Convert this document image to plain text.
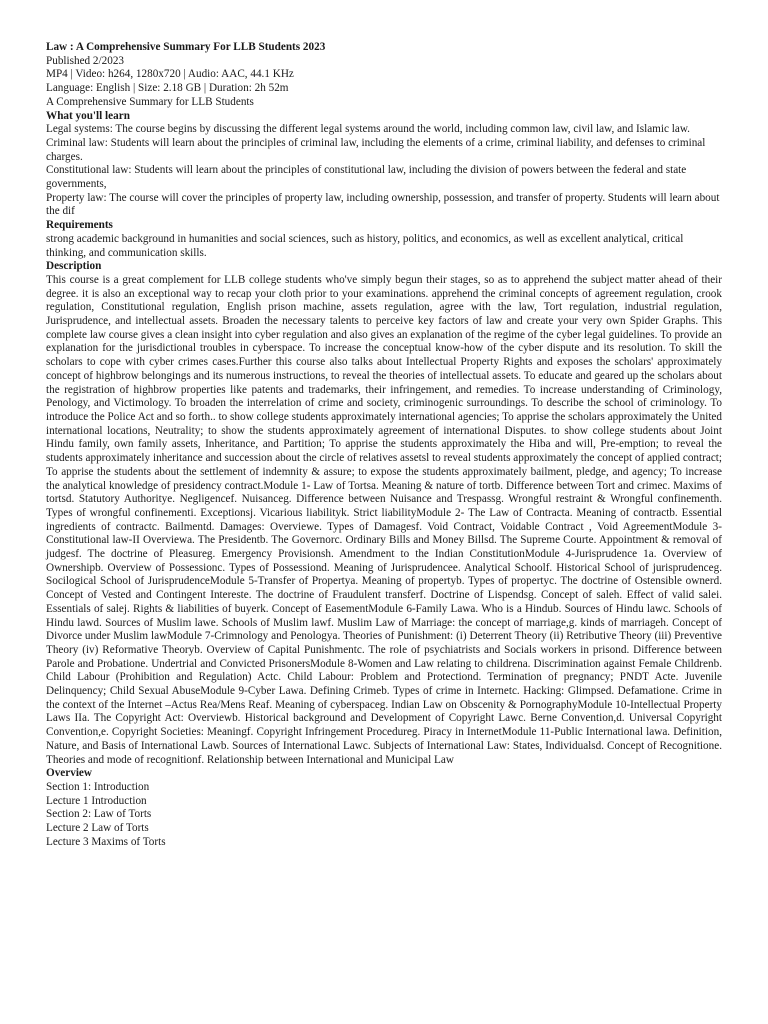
Law : A Comprehensive Summary For LLB Students 2023

Published 2/2023

MP4 | Video: h264, 1280x720 | Audio: AAC, 44.1 KHz

Language: English | Size: 2.18 GB | Duration: 2h 52m

A Comprehensive Summary for LLB Students

What you'll learn

Legal systems: The course begins by discussing the different legal systems around the world, including common law, civil law, and Islamic law.

Criminal law: Students will learn about the principles of criminal law, including the elements of a crime, criminal liability, and defenses to criminal charges.

Constitutional law: Students will learn about the principles of constitutional law, including the division of powers between the federal and state governments,

Property law: The course will cover the principles of property law, including ownership, possession, and transfer of property. Students will learn about the dif

Requirements

strong academic background in humanities and social sciences, such as history, politics, and economics, as well as excellent analytical, critical thinking, and communication skills.

Description

This course is a great complement for LLB college students who've simply begun their stages, so as to apprehend the subject matter ahead of their degree. it is also an exceptional way to recap your cloth prior to your examinations. apprehend the criminal concepts of agreement regulation, crook regulation, Constitutional regulation, English prison machine, assets regulation, agree with the law, Tort regulation, industrial regulation, Jurisprudence, and intellectual assets. Broaden the necessary talents to perceive key factors of law and create your very own Spider Graphs. This complete law course gives a clean insight into cyber regulation and also gives an explanation of the regime of the cyber legal guidelines. To provide an explanation for the jurisdictional troubles in cyberspace. To increase the conceptual know-how of the cyber dispute and its resolution. To skill the scholars to cope with cyber crimes cases.Further this course also talks about Intellectual Property Rights and exposes the scholars' approximately concept of highbrow belongings and its numerous instructions, to reveal the theories of intellectual assets. To educate and geared up the scholars about the registration of highbrow properties like patents and trademarks, their infringement, and remedies. To increase understanding of Criminology, Penology, and Victimology. To broaden the interrelation of crime and society, criminogenic surroundings. To describe the school of criminology. To introduce the Police Act and so forth.. to show college students approximately international agencies; To apprise the scholars approximately the United international locations, Neutrality; to show the students approximately agreement of international Disputes. to show college students about Joint Hindu family, own family assets, Inheritance, and Partition; To apprise the students approximately the Hiba and will, Pre-emption; to reveal the students approximately inheritance and succession about the circle of relatives assetsl to reveal students approximately the concept of applied contract; To apprise the students about the settlement of indemnity & assure; to expose the students approximately bailment, pledge, and agency; To increase the analytical knowledge of presidency contract.Module 1- Law of Tortsa. Meaning & nature of tortb. Difference between Tort and crimec. Maxims of tortsd. Statutory Authoritye. Negligencef. Nuisanceg. Difference between Nuisance and Trespassg. Wrongful restraint & Wrongful confinementh. Types of wrongful confinementi. Exceptionsj. Vicarious liabilityk. Strict liabilityModule 2- The Law of Contracta. Meaning of contractb. Essential ingredients of contractc. Bailmentd. Damages: Overviewe. Types of Damagesf. Void Contract, Voidable Contract , Void AgreementModule 3-Constitutional law-II Overviewa. The Presidentb. The Governorc. Ordinary Bills and Money Billsd. The Supreme Courte. Appointment & removal of judgesf. The doctrine of Pleasureg. Emergency Provisionsh. Amendment to the Indian ConstitutionModule 4-Jurisprudence 1a. Overview of Ownershipb. Overview of Possessionc. Types of Possessiond. Meaning of Jurisprudencee. Analytical Schoolf. Historical School of jurisprudenceg. Socilogical School of JurisprudenceModule 5-Transfer of Propertya. Meaning of propertyb. Types of propertyc. The doctrine of Ostensible ownerd. Concept of Vested and Contingent Intereste. The doctrine of Fraudulent transferf. Doctrine of Lispendsg. Concept of saleh. Effect of valid salei. Essentials of salej. Rights & liabilities of buyerk. Concept of EasementModule 6-Family Lawa. Who is a Hindub. Sources of Hindu lawc. Schools of Hindu lawd. Sources of Muslim lawe. Schools of Muslim lawf. Muslim Law of Marriage: the concept of marriage,g. kinds of marriageh. Concept of Divorce under Muslim lawModule 7-Crimnology and Penologya. Theories of Punishment: (i) Deterrent Theory (ii) Retributive Theory (iii) Preventive Theory (iv) Reformative Theoryb. Overview of Capital Punishmentc. The role of psychiatrists and Socials workers in prisond. Difference between Parole and Probatione. Undertrial and Convicted PrisonersModule 8-Women and Law relating to childrena. Discrimination against Female Childrenb. Child Labour (Prohibition and Regulation) Actc. Child Labour: Problem and Protectiond. Termination of pregnancy; PNDT Acte. Juvenile Delinquency; Child Sexual AbuseModule 9-Cyber Lawa. Defining Crimeb. Types of crime in Internetc. Hacking: Glimpsed. Defamatione. Crime in the context of the Internet –Actus Rea/Mens Reaf. Meaning of cyberspaceg. Indian Law on Obscenity & PornographyModule 10-Intellectual Property Laws IIa. The Copyright Act: Overviewb. Historical background and Development of Copyright Lawc. Berne Convention,d. Universal Copyright Convention,e. Copyright Societies: Meaningf. Copyright Infringement Procedureg. Piracy in InternetModule 11-Public International lawa. Definition, Nature, and Basis of International Lawb. Sources of International Lawc. Subjects of International Law: States, Individualsd. Concept of Recognitione. Theories and mode of recognitionf. Relationship between International and Municipal Law

Overview

Section 1: Introduction

Lecture 1 Introduction

Section 2: Law of Torts

Lecture 2 Law of Torts

Lecture 3 Maxims of Torts
